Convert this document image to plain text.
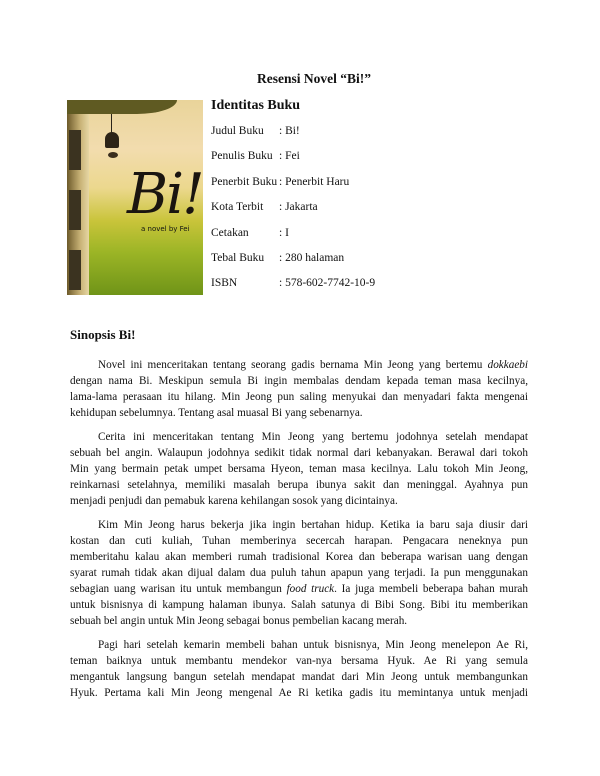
Resensi Novel “Bi!”
Bi!
a novel by Fei
Identitas Buku
Judul Buku : Bi!
Penulis Buku : Fei
Penerbit Buku : Penerbit Haru
Kota Terbit : Jakarta
Cetakan	: I
Tebal Buku : 280 halaman
ISBN	: 578-602-7742-10-9
Sinopsis Bi!
Novel ini menceritakan tentang seorang gadis bernama Min Jeong yang bertemu dokkaebi
dengan nama Bi. Meskipun semula Bi ingin membalas dendam kepada teman masa kecilnya,
lama-lama perasaan itu hilang. Min Jeong pun saling menyukai dan menyadari fakta mengenai
kehidupan sebelumnya. Tentang asal muasal Bi yang sebenarnya.
Cerita ini menceritakan tentang Min Jeong yang bertemu jodohnya setelah mendapat
sebuah bel angin. Walaupun jodohnya sedikit tidak normal dari kebanyakan. Berawal dari tokoh
Min yang bermain petak umpet bersama Hyeon, teman masa kecilnya. Lalu tokoh Min Jeong,
reinkarnasi setelahnya, memiliki masalah berupa ibunya sakit dan meninggal. Ayahnya pun
menjadi penjudi dan pemabuk karena kehilangan sosok yang dicintainya.
Kim Min Jeong harus bekerja jika ingin bertahan hidup. Ketika ia baru saja diusir dari
kostan dan cuti kuliah, Tuhan memberinya secercah harapan. Pengacara neneknya pun
memberitahu kalau akan memberi rumah tradisional Korea dan beberapa warisan uang dengan
syarat rumah tidak akan dijual dalam dua puluh tahun apapun yang terjadi. Ia pun menggunakan
sebagian uang warisan itu untuk membangun food truck. Ia juga membeli beberapa bahan murah
untuk bisnisnya di kampung halaman ibunya. Salah satunya di Bibi Song. Bibi itu memberikan
sebuah bel angin untuk Min Jeong sebagai bonus pembelian kacang merah.
Pagi hari setelah kemarin membeli bahan untuk bisnisnya, Min Jeong menelepon Ae Ri,
teman baiknya untuk membantu mendekor van-nya bersama Hyuk. Ae Ri yang semula
mengantuk langsung bangun setelah mendapat mandat dari Min Jeong untuk membangunkan
Hyuk. Pertama kali Min Jeong mengenal Ae Ri ketika gadis itu memintanya untuk menjadi
